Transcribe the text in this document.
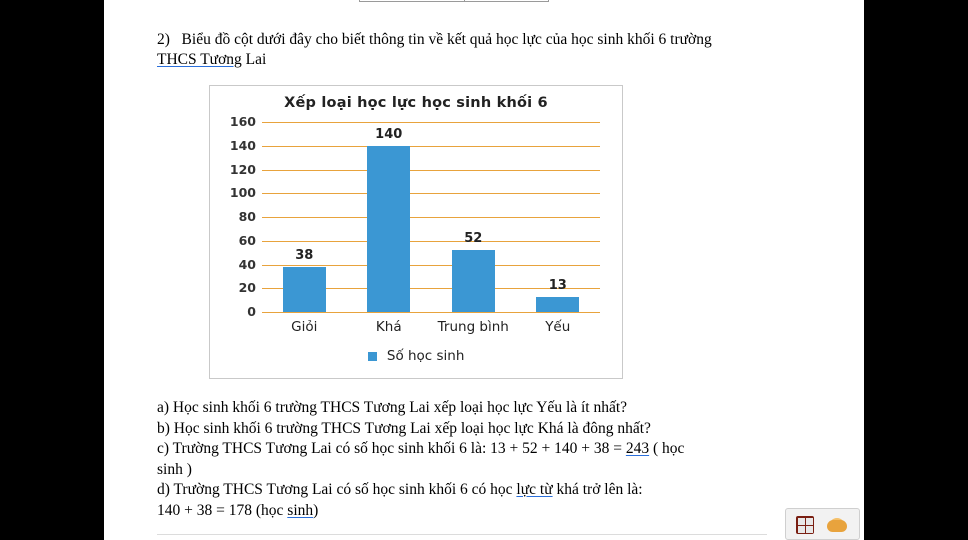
2) Biểu đồ cột dưới đây cho biết thông tin về kết quả học lực của học sinh khối 6 trường
THCS Tương Lai
Xếp loại học lực học sinh khối 6
0
20
40
60
80
100
120
140
160
38
Giỏi
140
Khá
52
Trung bình
13
Yếu
Số học sinh
a) Học sinh khối 6 trường THCS Tương Lai xếp loại học lực Yếu là ít nhất?
b) Học sinh khối 6 trường THCS Tương Lai xếp loại học lực Khá là đông nhất?
c) Trường THCS Tương Lai có số học sinh khối 6 là: 13 + 52 + 140 + 38 = 243 ( học
sinh )
d) Trường THCS Tương Lai có số học sinh khối 6 có học lực từ khá trở lên là:
140 + 38 = 178 (học sinh)
